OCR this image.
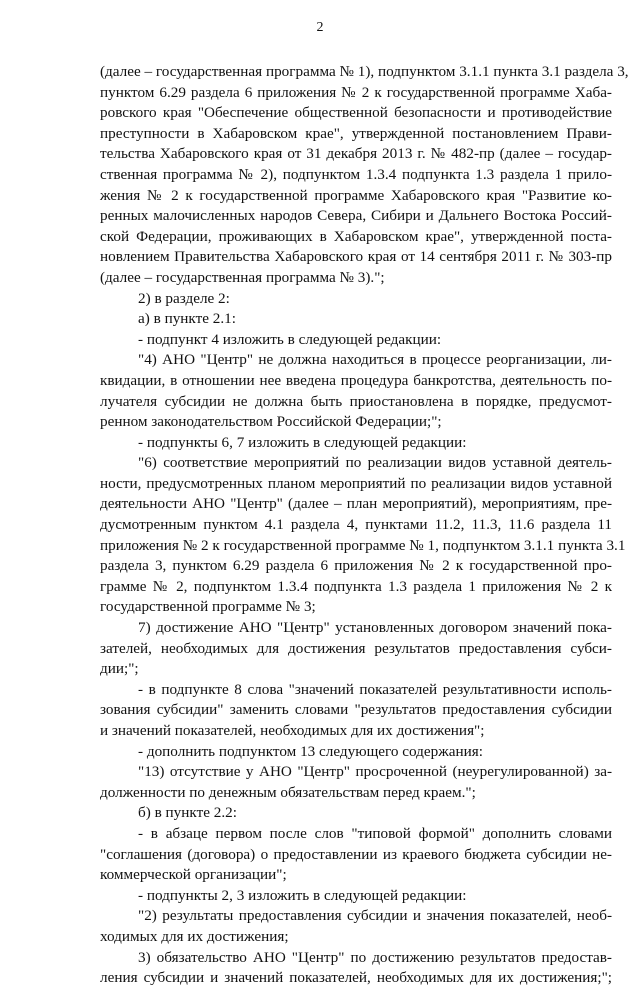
2
(далее – государственная программа № 1), подпунктом 3.1.1 пункта 3.1 раздела 3,
пунктом 6.29 раздела 6 приложения № 2 к государственной программе Хаба-
ровского края "Обеспечение общественной безопасности и противодействие
преступности в Хабаровском крае", утвержденной постановлением Прави-
тельства Хабаровского края от 31 декабря 2013 г. № 482-пр (далее – государ-
ственная программа № 2), подпунктом 1.3.4 подпункта 1.3 раздела 1 прило-
жения № 2 к государственной программе Хабаровского края "Развитие ко-
ренных малочисленных народов Севера, Сибири и Дальнего Востока Россий-
ской Федерации, проживающих в Хабаровском крае", утвержденной поста-
новлением Правительства Хабаровского края от 14 сентября 2011 г. № 303-пр
(далее – государственная программа № 3).";
2) в разделе 2:
а) в пункте 2.1:
- подпункт 4 изложить в следующей редакции:
"4) АНО "Центр" не должна находиться в процессе реорганизации, ли-
квидации, в отношении нее введена процедура банкротства, деятельность по-
лучателя субсидии не должна быть приостановлена в порядке, предусмот-
ренном законодательством Российской Федерации;";
- подпункты 6, 7 изложить в следующей редакции:
"6) соответствие мероприятий по реализации видов уставной деятель-
ности, предусмотренных планом мероприятий по реализации видов уставной
деятельности АНО "Центр" (далее – план мероприятий), мероприятиям, пре-
дусмотренным пунктом 4.1 раздела 4, пунктами 11.2, 11.3, 11.6 раздела 11
приложения № 2 к государственной программе № 1, подпунктом 3.1.1 пункта 3.1
раздела 3, пунктом 6.29 раздела 6 приложения № 2 к государственной про-
грамме № 2, подпунктом 1.3.4 подпункта 1.3 раздела 1 приложения № 2 к
государственной программе № 3;
7) достижение АНО "Центр" установленных договором значений пока-
зателей, необходимых для достижения результатов предоставления субси-
дии;";
- в подпункте 8 слова "значений показателей результативности исполь-
зования субсидии" заменить словами "результатов предоставления субсидии
и значений показателей, необходимых для их достижения";
- дополнить подпунктом 13 следующего содержания:
"13) отсутствие у АНО "Центр" просроченной (неурегулированной) за-
долженности по денежным обязательствам перед краем.";
б) в пункте 2.2:
- в абзаце первом после слов "типовой формой" дополнить словами
"соглашения (договора) о предоставлении из краевого бюджета субсидии не-
коммерческой организации";
- подпункты 2, 3 изложить в следующей редакции:
"2) результаты предоставления субсидии и значения показателей, необ-
ходимых для их достижения;
3) обязательство АНО "Центр" по достижению результатов предостав-
ления субсидии и значений показателей, необходимых для их достижения;";
